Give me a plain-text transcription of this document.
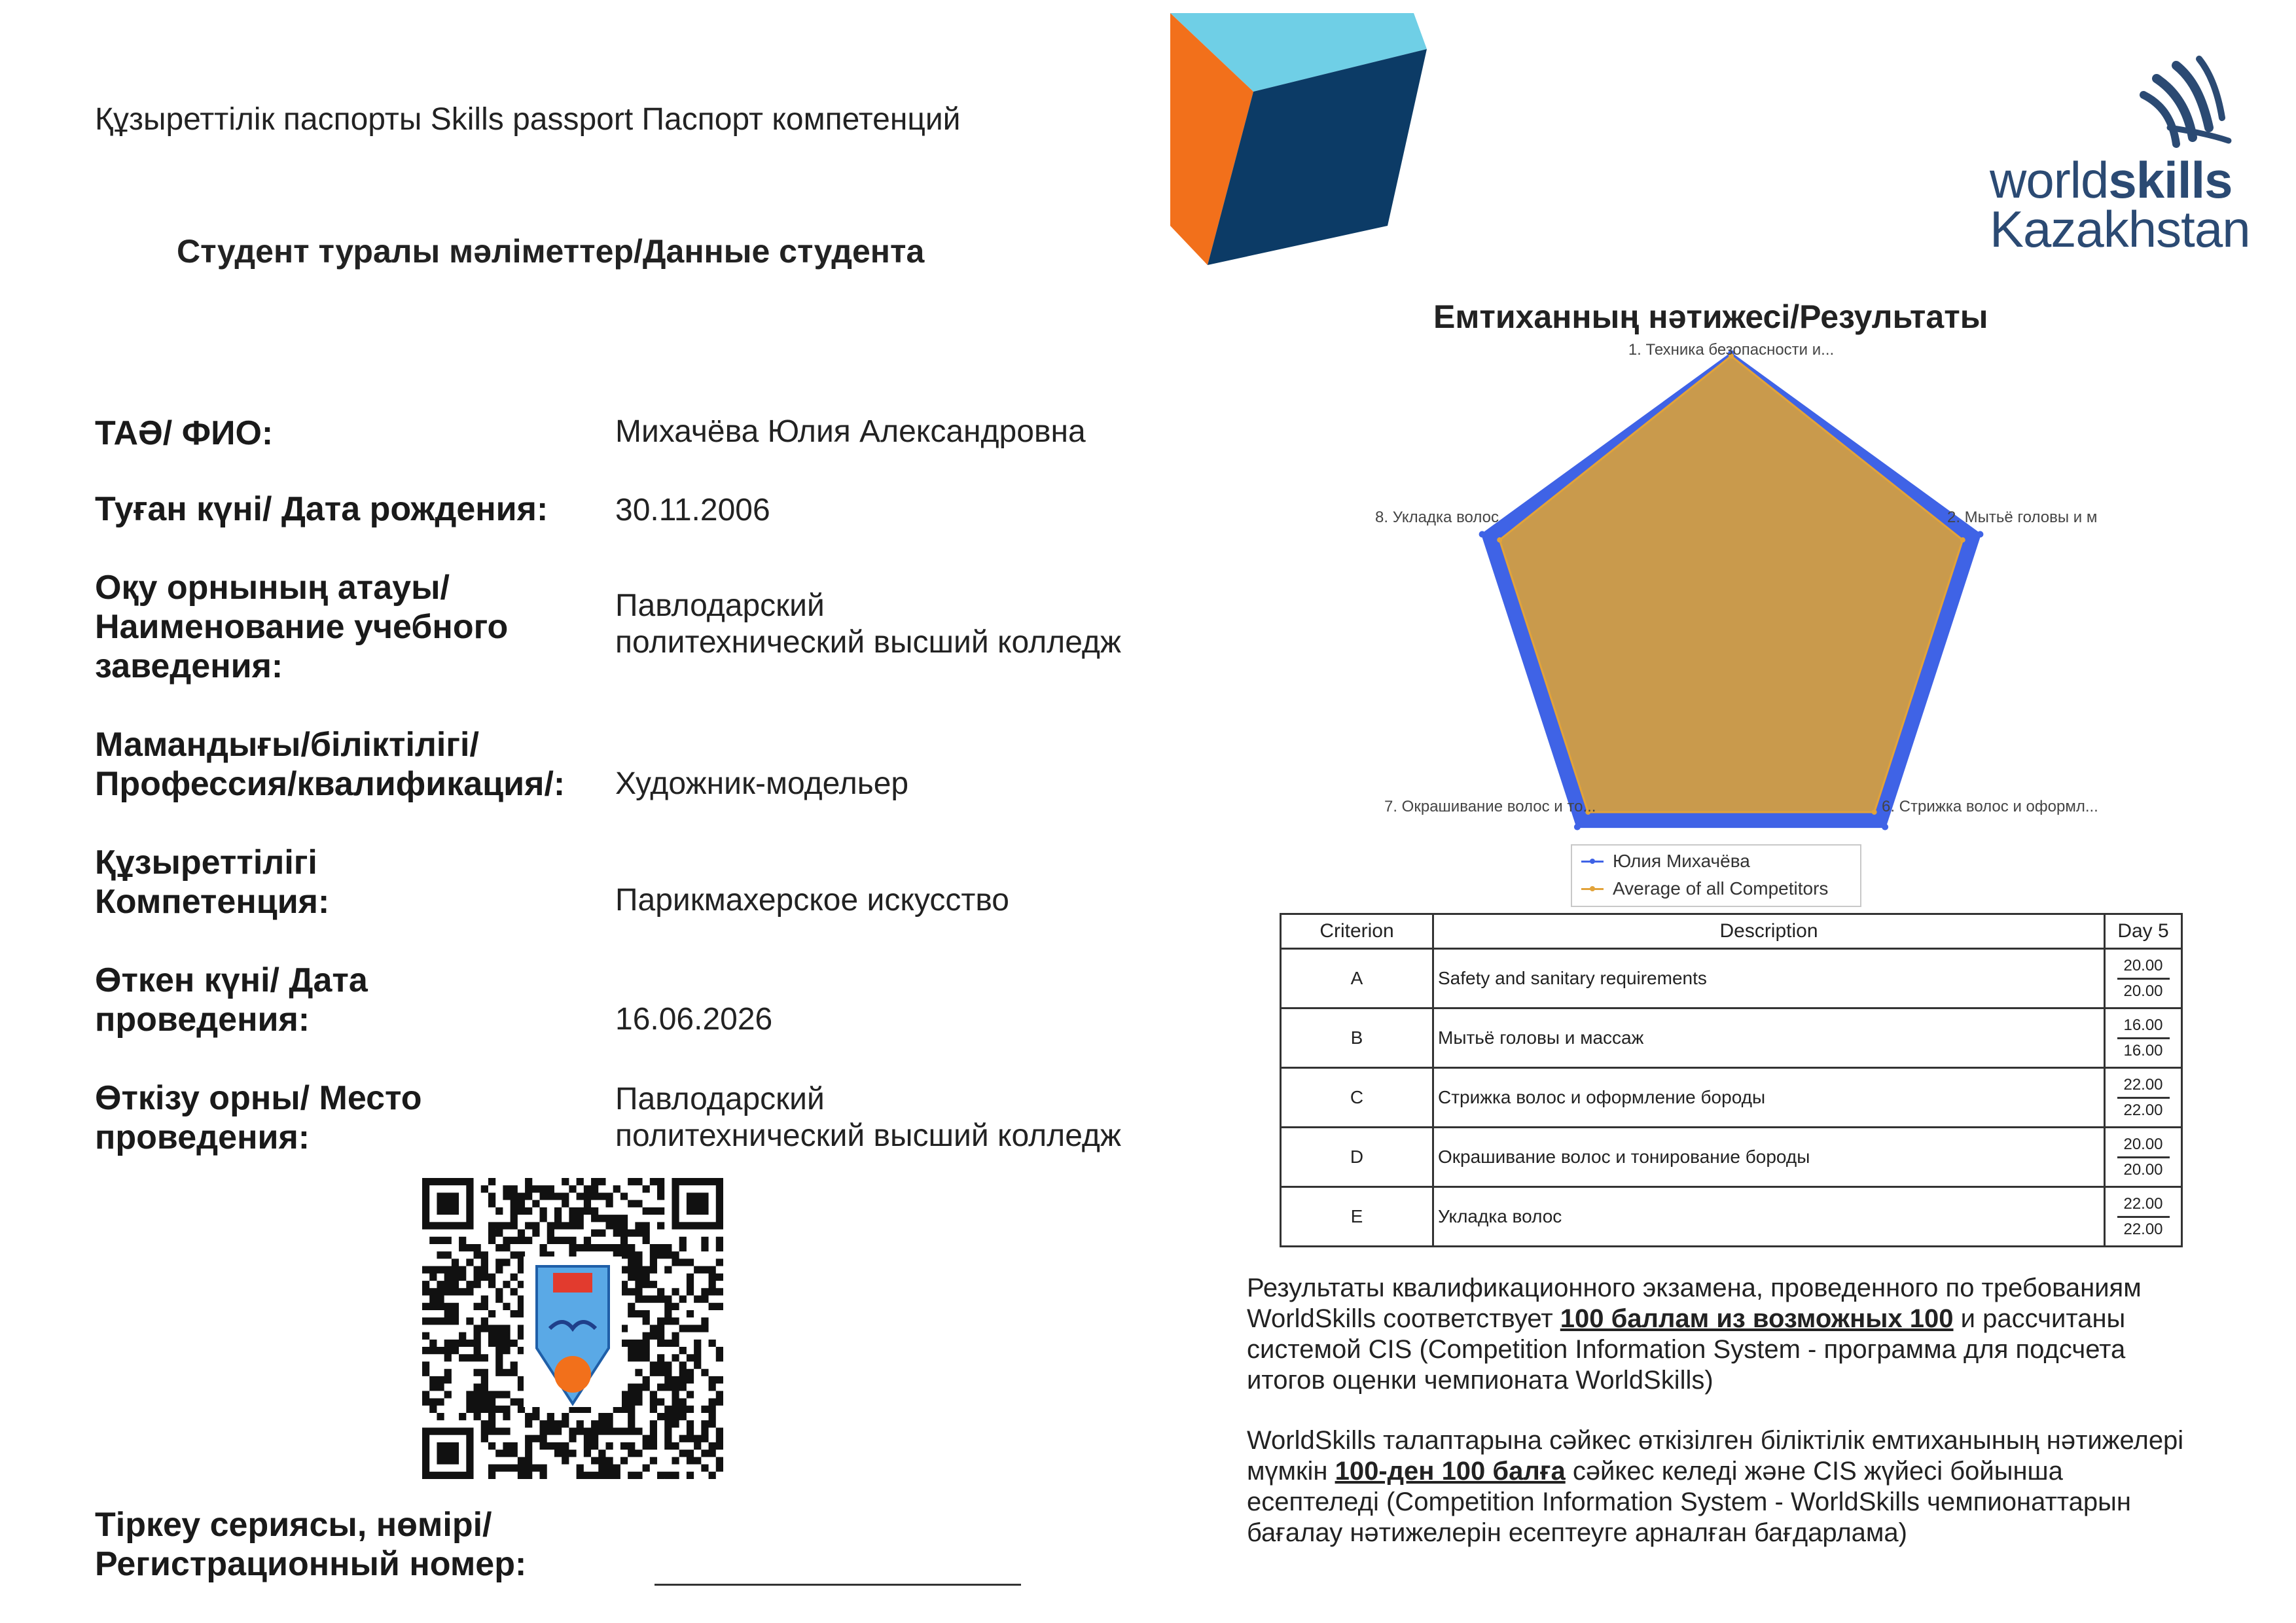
Құзыреттілік паспорты Skills passport Паспорт компетенций
Студент туралы мәліметтер/Данные студента
worldskills
Kazakhstan
ТАӘ/ ФИО:	Михачёва Юлия Александровна
Туған күні/ Дата рождения: 30.11.2006
Оқу орнының атауы/
Наименование учебного
заведения:
Павлодарский
политехнический высший колледж
Мамандығы/біліктілігі/
Профессия/квалификация/: Художник-модельер
Құзыреттілігі
Компетенция:	Парикмахерское искусство
Өткен күні/ Дата
проведения:	16.06.2026
Өткізу орны/ Место
проведения:
Павлодарский
политехнический высший колледж
Тіркеу сериясы, нөмірі/
Регистрационный номер:
Емтиханның нәтижесі/Результаты
1. Техника безопасности и...
2. Мытьё головы и м
6. Стрижка волос и оформл...
7. Окрашивание волос и то...
8. Укладка волос
Юлия Михачёва
Average of all Competitors
Criterion	Description	Day 5
A	Safety and sanitary requirements	20.00
20.00

B	Мытьё головы и массаж	16.00
16.00

C	Стрижка волос и оформление бороды	22.00
22.00

D	Окрашивание волос и тонирование бороды	20.00
20.00

E	Укладка волос	22.00
22.00
Результаты квалификационного экзамена, проведенного по требованиям
WorldSkills соответствует 100 баллам из возможных 100 и рассчитаны
системой CIS (Competition Information System - программа для подсчета
итогов оценки чемпионата WorldSkills)
WorldSkills талаптарына сәйкес өткізілген біліктілік емтиханының нәтижелері
мүмкін 100-ден 100 балға сәйкес келеді және CIS жүйесі бойынша
есептеледі (Competition Information System - WorldSkills чемпионаттарын
бағалау нәтижелерін есептеуге арналған бағдарлама)
